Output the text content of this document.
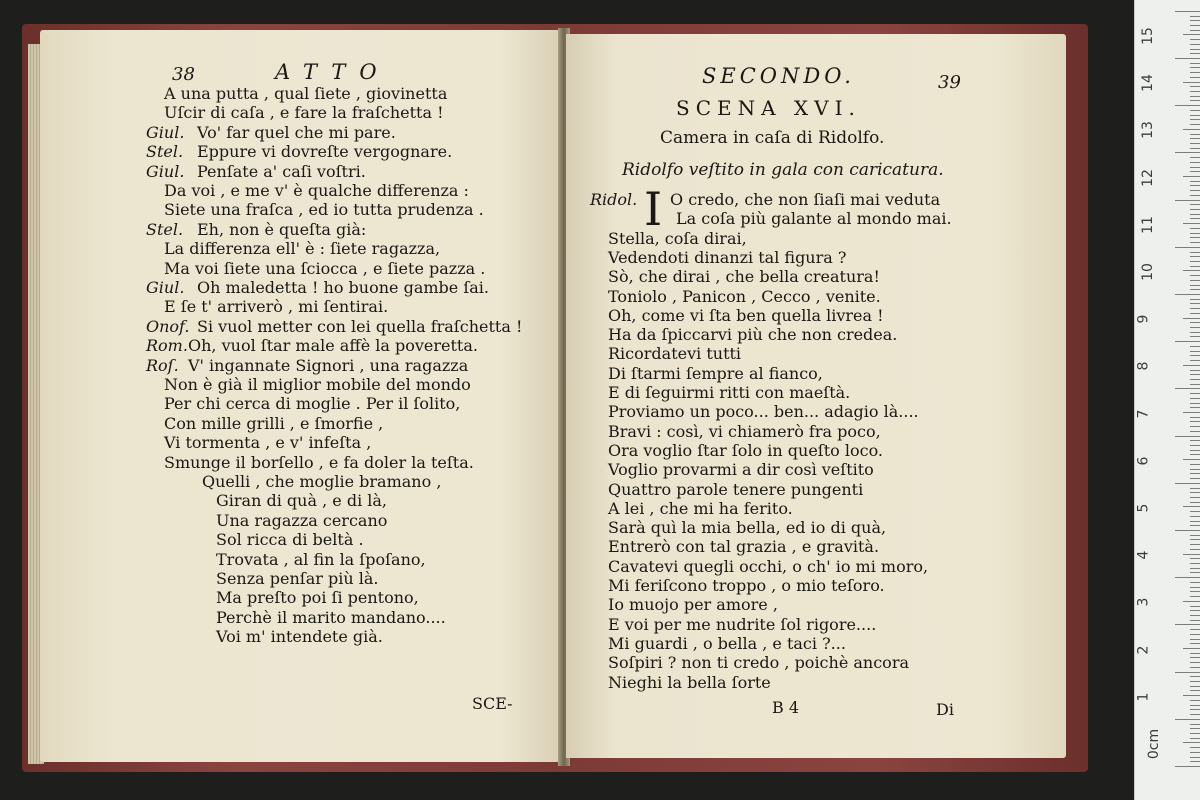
38	ATTO
A una putta , qual ſiete , giovinetta
Uſcir di caſa , e fare la fraſchetta !
Giul. Vo' far quel che mi pare.
Stel. Eppure vi dovreſte vergognare.
Giul. Penſate a' caſi voſtri.
Da voi , e me v' è qualche differenza :
Siete una fraſca , ed io tutta prudenza .
Stel. Eh, non è queſta già:
La differenza ell' è : ſiete ragazza,
Ma voi ſiete una ſciocca , e ſiete pazza .
Giul. Oh maledetta ! ho buone gambe ſai.
E ſe t' arriverò , mi ſentirai.
Onof. Si vuol metter con lei quella fraſchetta !
Rom. Oh, vuol ſtar male affè la poveretta.
Roſ. V' ingannate Signori , una ragazza
Non è già il miglior mobile del mondo
Per chi cerca di moglie . Per il ſolito,
Con mille grilli , e ſmorfie ,
Vi tormenta , e v' infeſta ,
Smunge il borſello , e fa doler la teſta.
Quelli , che moglie bramano ,
Giran di quà , e di là,
Una ragazza cercano
Sol ricca di beltà .
Trovata , al fin la ſpoſano,
Senza penſar più là.
Ma preſto poi ſi pentono,
Perchè il marito mandano....
Voi m' intendete già.
SCE-
SECONDO.	39
SCENA XVI.
Camera in caſa di Ridolfo.
Ridolfo veſtito in gala con caricatura.
Ridol. I O credo, che non ſiaſi mai veduta
La coſa più galante al mondo mai.
Stella, coſa dirai,
Vedendoti dinanzi tal figura ?
Sò, che dirai , che bella creatura!
Toniolo , Panicon , Cecco , venite.
Oh, come vi ſta ben quella livrea !
Ha da ſpiccarvi più che non credea.
Ricordatevi tutti
Di ſtarmi ſempre al fianco,
E di ſeguirmi ritti con maeſtà.
Proviamo un poco... ben... adagio là....
Bravi : così, vi chiamerò fra poco,
Ora voglio ſtar ſolo in queſto loco.
Voglio provarmi a dir così veſtito
Quattro parole tenere pungenti
A lei , che mi ha ferito.
Sarà quì la mia bella, ed io di quà,
Entrerò con tal grazia , e gravità.
Cavatevi quegli occhi, o ch' io mi moro,
Mi feriſcono troppo , o mio teſoro.
Io muojo per amore ,
E voi per me nudrite ſol rigore....
Mi guardi , o bella , e taci ?...
Soſpiri ? non ti credo , poichè ancora
Nieghi la bella ſorte
B 4	Di
15
14
13
12
11
10
9
8
7
6
5
4
3
2
1
0cm
